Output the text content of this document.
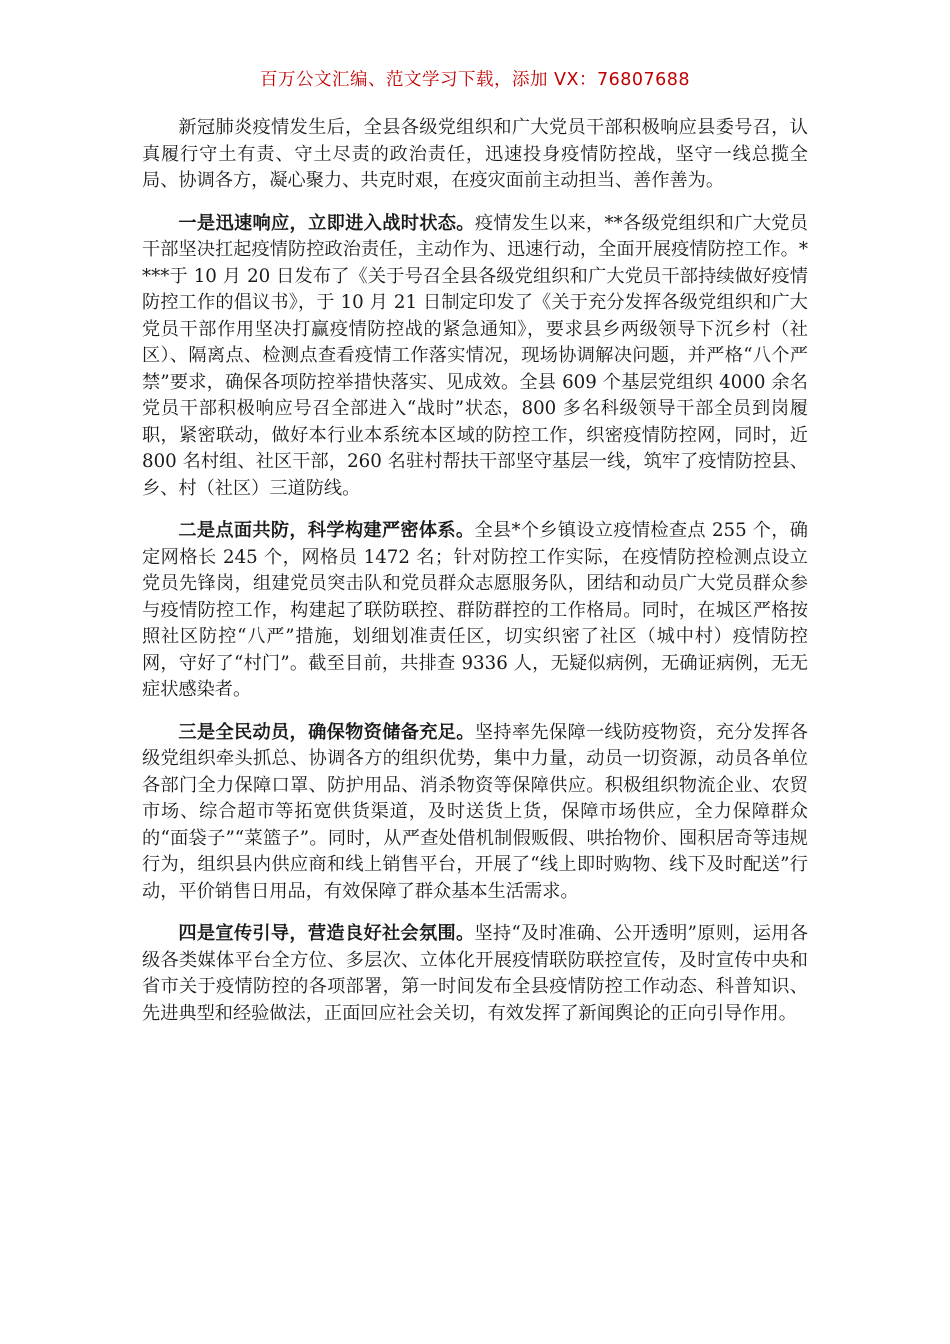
百万公文汇编、范文学习下载，添加 VX：76807688

新冠肺炎疫情发生后，全县各级党组织和广大党员干部积极响应县委号召，认真履行守土有责、守土尽责的政治责任，迅速投身疫情防控战，坚守一线总揽全局、协调各方，凝心聚力、共克时艰，在疫灾面前主动担当、善作善为。

一是迅速响应，立即进入战时状态。疫情发生以来，**各级党组织和广大党员干部坚决扛起疫情防控政治责任，主动作为、迅速行动，全面开展疫情防控工作。****于 10 月 20 日发布了《关于号召全县各级党组织和广大党员干部持续做好疫情防控工作的倡议书》，于 10 月 21 日制定印发了《关于充分发挥各级党组织和广大党员干部作用坚决打赢疫情防控战的紧急通知》，要求县乡两级领导下沉乡村（社区）、隔离点、检测点查看疫情工作落实情况，现场协调解决问题，并严格“八个严禁”要求，确保各项防控举措快落实、见成效。全县 609 个基层党组织 4000 余名党员干部积极响应号召全部进入“战时”状态，800 多名科级领导干部全员到岗履职，紧密联动，做好本行业本系统本区域的防控工作，织密疫情防控网，同时，近 800 名村组、社区干部，260 名驻村帮扶干部坚守基层一线，筑牢了疫情防控县、乡、村（社区）三道防线。

二是点面共防，科学构建严密体系。全县*个乡镇设立疫情检查点 255 个，确定网格长 245 个，网格员 1472 名；针对防控工作实际，在疫情防控检测点设立党员先锋岗，组建党员突击队和党员群众志愿服务队，团结和动员广大党员群众参与疫情防控工作，构建起了联防联控、群防群控的工作格局。同时，在城区严格按照社区防控“八严”措施，划细划准责任区，切实织密了社区（城中村）疫情防控网，守好了“村门”。截至目前，共排查 9336 人，无疑似病例，无确证病例，无无症状感染者。

三是全民动员，确保物资储备充足。坚持率先保障一线防疫物资，充分发挥各级党组织牵头抓总、协调各方的组织优势，集中力量，动员一切资源，动员各单位各部门全力保障口罩、防护用品、消杀物资等保障供应。积极组织物流企业、农贸市场、综合超市等拓宽供货渠道，及时送货上货，保障市场供应，全力保障群众的“面袋子”“菜篮子”。同时，从严查处借机制假贩假、哄抬物价、囤积居奇等违规行为，组织县内供应商和线上销售平台，开展了“线上即时购物、线下及时配送”行动，平价销售日用品，有效保障了群众基本生活需求。

四是宣传引导，营造良好社会氛围。坚持“及时准确、公开透明”原则，运用各级各类媒体平台全方位、多层次、立体化开展疫情联防联控宣传，及时宣传中央和省市关于疫情防控的各项部署，第一时间发布全县疫情防控工作动态、科普知识、先进典型和经验做法，正面回应社会关切，有效发挥了新闻舆论的正向引导作用。
